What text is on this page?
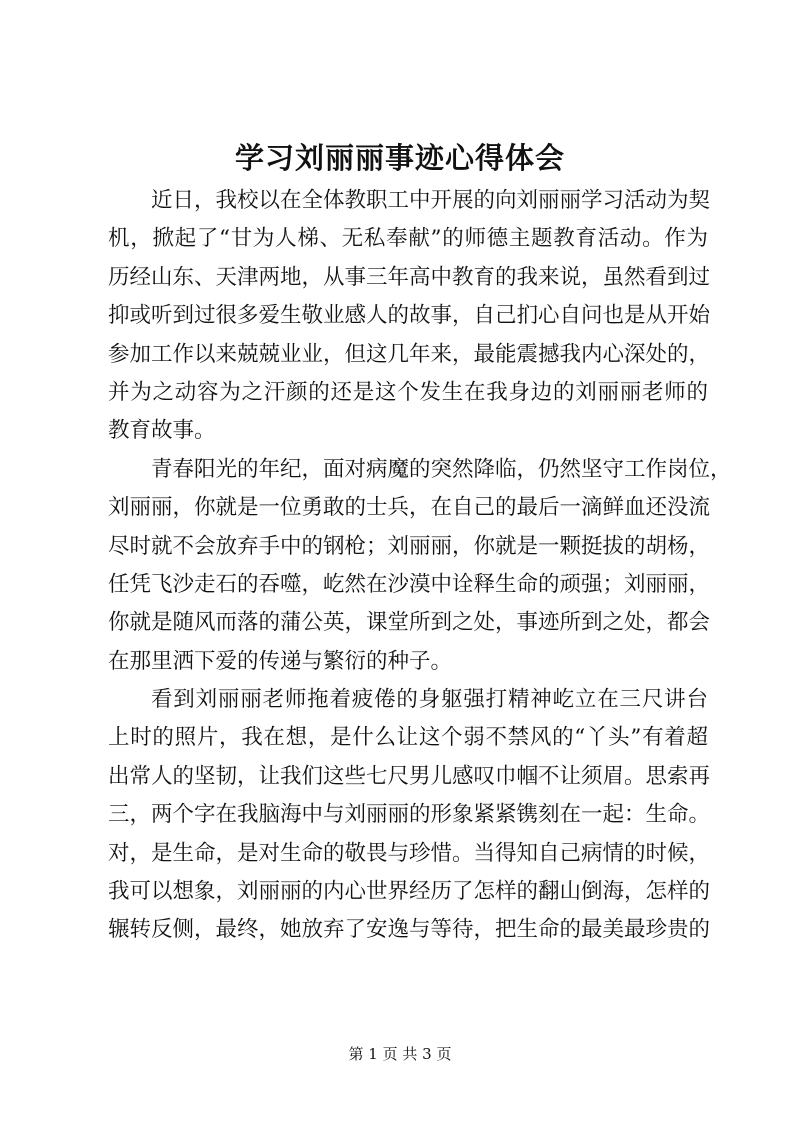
学习刘丽丽事迹心得体会
近日，我校以在全体教职工中开展的向刘丽丽学习活动为契
机，掀起了“甘为人梯、无私奉献”的师德主题教育活动。作为
历经山东、天津两地，从事三年高中教育的我来说，虽然看到过
抑或听到过很多爱生敬业感人的故事，自己扪心自问也是从开始
参加工作以来兢兢业业，但这几年来，最能震撼我内心深处的，
并为之动容为之汗颜的还是这个发生在我身边的刘丽丽老师的
教育故事。
青春阳光的年纪，面对病魔的突然降临，仍然坚守工作岗位，
刘丽丽，你就是一位勇敢的士兵，在自己的最后一滴鲜血还没流
尽时就不会放弃手中的钢枪；刘丽丽，你就是一颗挺拔的胡杨，
任凭飞沙走石的吞噬，屹然在沙漠中诠释生命的顽强；刘丽丽，
你就是随风而落的蒲公英，课堂所到之处，事迹所到之处，都会
在那里洒下爱的传递与繁衍的种子。
看到刘丽丽老师拖着疲倦的身躯强打精神屹立在三尺讲台
上时的照片，我在想，是什么让这个弱不禁风的“丫头”有着超
出常人的坚韧，让我们这些七尺男儿感叹巾帼不让须眉。思索再
三，两个字在我脑海中与刘丽丽的形象紧紧镌刻在一起：生命。
对，是生命，是对生命的敬畏与珍惜。当得知自己病情的时候，
我可以想象，刘丽丽的内心世界经历了怎样的翻山倒海，怎样的
辗转反侧，最终，她放弃了安逸与等待，把生命的最美最珍贵的
第 1 页 共 3 页
